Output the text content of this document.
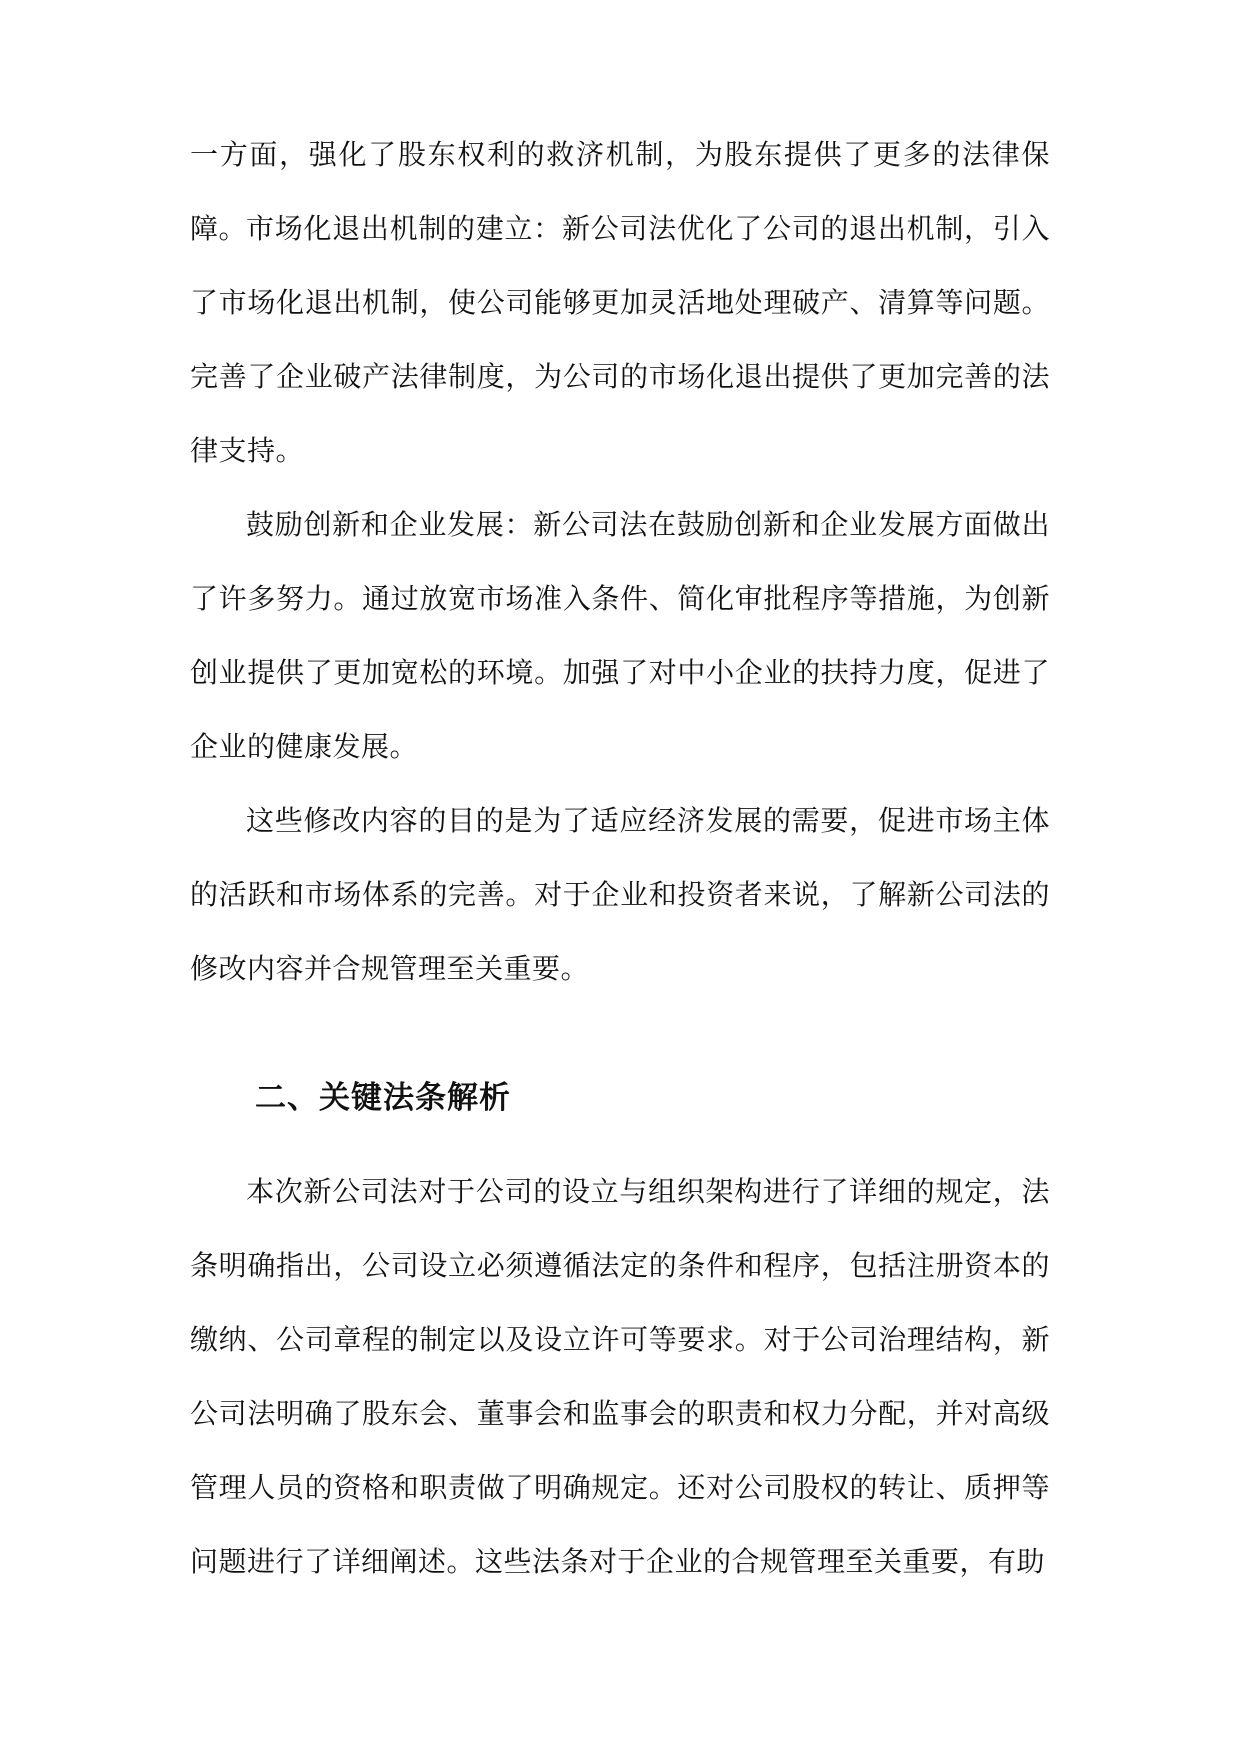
一方面，强化了股东权利的救济机制，为股东提供了更多的法律保障。

市场化退出机制的建立：新公司法优化了公司的退出机制，引入了市场化退出机制，使公司能够更加灵活地处理破产、清算等问题。完善了企业破产法律制度，为公司的市场化退出提供了更加完善的法律支持。

鼓励创新和企业发展：新公司法在鼓励创新和企业发展方面做出了许多努力。通过放宽市场准入条件、简化审批程序等措施，为创新创业提供了更加宽松的环境。加强了对中小企业的扶持力度，促进了企业的健康发展。

这些修改内容的目的是为了适应经济发展的需要，促进市场主体的活跃和市场体系的完善。对于企业和投资者来说，了解新公司法的修改内容并合规管理至关重要。

二、关键法条解析

本次新公司法对于公司的设立与组织架构进行了详细的规定，法条明确指出，公司设立必须遵循法定的条件和程序，包括注册资本的缴纳、公司章程的制定以及设立许可等要求。对于公司治理结构，新公司法明确了股东会、董事会和监事会的职责和权力分配，并对高级管理人员的资格和职责做了明确规定。还对公司股权的转让、质押等问题进行了详细阐述。这些法条对于企业的合规管理至关重要，有助
